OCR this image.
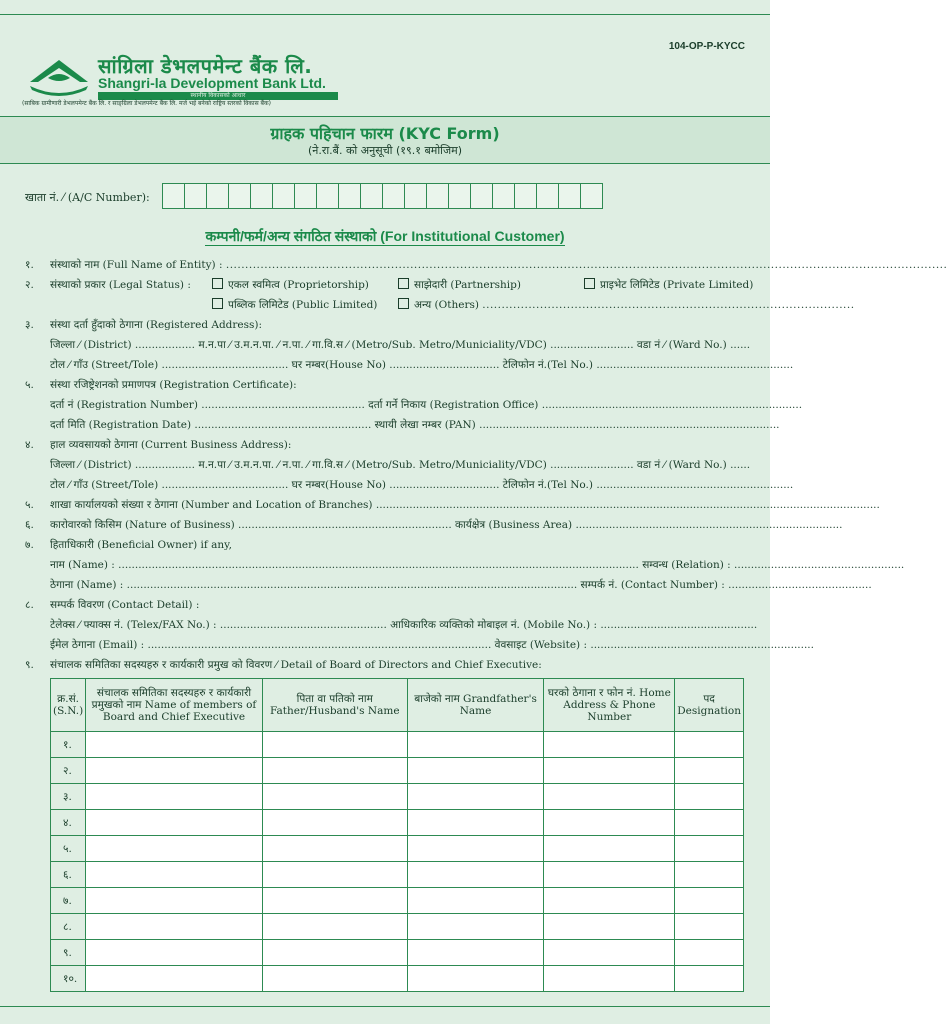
104-OP-P-KYCC
सांग्रिला डेभलपमेन्ट बैंक लि.
Shangri-la Development Bank Ltd.
स्थानीय विकासको आधार
(साबिक ग्रामीणारी डेभलपमेन्ट बैंक लि. र साङ्ग्रिला डेभलपमेन्ट बैंक लि. मर्ज भई बनेको राष्ट्रिय स्तरको विकास बैंक)
ग्राहक पहिचान फारम (KYC Form)
(ने.रा.बैं. को अनुसूची (१९.१ बमोजिम)
खाता नं. ⁄ (A/C Number):
कम्पनी/फर्म/अन्य संगठित संस्थाको (For Institutional Customer)
१. संस्थाको नाम (Full Name of Entity) : ............................................................................................................................................................................................
२. संस्थाको प्रकार (Legal Status) :	एकल स्वमित्व (Proprietorship)	साझेदारी (Partnership)	प्राइभेट लिमिटेड (Private Limited)
पब्लिक लिमिटेड (Public Limited)	अन्य (Others) .................................................................................................
३. संस्था दर्ता हुँदाको ठेगाना (Registered Address):
जिल्ला ⁄ (District) .................. म.न.पा ⁄ उ.म.न.पा. ⁄ न.पा. ⁄ गा.वि.स ⁄ (Metro/Sub. Metro/Municiality/VDC) ......................... वडा नं ⁄ (Ward No.) ......
टोल ⁄ गाँउ (Street/Tole) ...................................... घर नम्बर(House No) ................................. टेलिफोन नं.(Tel No.) ...........................................................
५. संस्था रजिष्ट्रेशनको प्रमाणपत्र (Registration Certificate):
दर्ता नं (Registration Number) ................................................. दर्ता गर्ने निकाय (Registration Office) ..............................................................................
दर्ता मिति (Registration Date) ..................................................... स्थायी लेखा नम्बर (PAN) ..........................................................................................
४. हाल व्यवसायको ठेगाना (Current Business Address):
जिल्ला ⁄ (District) .................. म.न.पा ⁄ उ.म.न.पा. ⁄ न.पा. ⁄ गा.वि.स ⁄ (Metro/Sub. Metro/Municiality/VDC) ......................... वडा नं ⁄ (Ward No.) ......
टोल ⁄ गाँउ (Street/Tole) ...................................... घर नम्बर(House No) ................................. टेलिफोन नं.(Tel No.) ...........................................................
५. शाखा कार्यालयको संख्या र ठेगाना (Number and Location of Branches) .......................................................................................................................................................
६. कारोवारको किसिम (Nature of Business) ................................................................ कार्यक्षेत्र (Business Area) ................................................................................
७. हिताधिकारी (Beneficial Owner) if any,
नाम (Name) : ............................................................................................................................................................ सम्वन्ध (Relation) : ...................................................
ठेगाना (Name) : ....................................................................................................................................... सम्पर्क नं. (Contact Number) : ...........................................
८. सम्पर्क विवरण (Contact Detail) :
टेलेक्स ⁄ फ्याक्स नं. (Telex/FAX No.) : .................................................. आधिकारिक व्यक्तिको मोबाइल नं. (Mobile No.) : ...............................................
ईमेल ठेगाना (Email) : ....................................................................................................... वेवसाइट (Website) : ...................................................................
९. संचालक समितिका सदस्यहरु र कार्यकारी प्रमुख को विवरण ⁄ Detail of Board of Directors and Chief Executive:
क्र.सं. (S.N.)	संचालक समितिका सदस्यहरु र कार्यकारी प्रमुखको नाम Name of members of Board and Chief Executive	पिता वा पतिको नाम Father/Husband's Name	बाजेको नाम Grandfather's Name	घरको ठेगाना र फोन नं. Home Address & Phone Number	पद Designation
१.					
२.					
३.					
४.					
५.					
६.					
७.					
८.					
९.					
१०.					
